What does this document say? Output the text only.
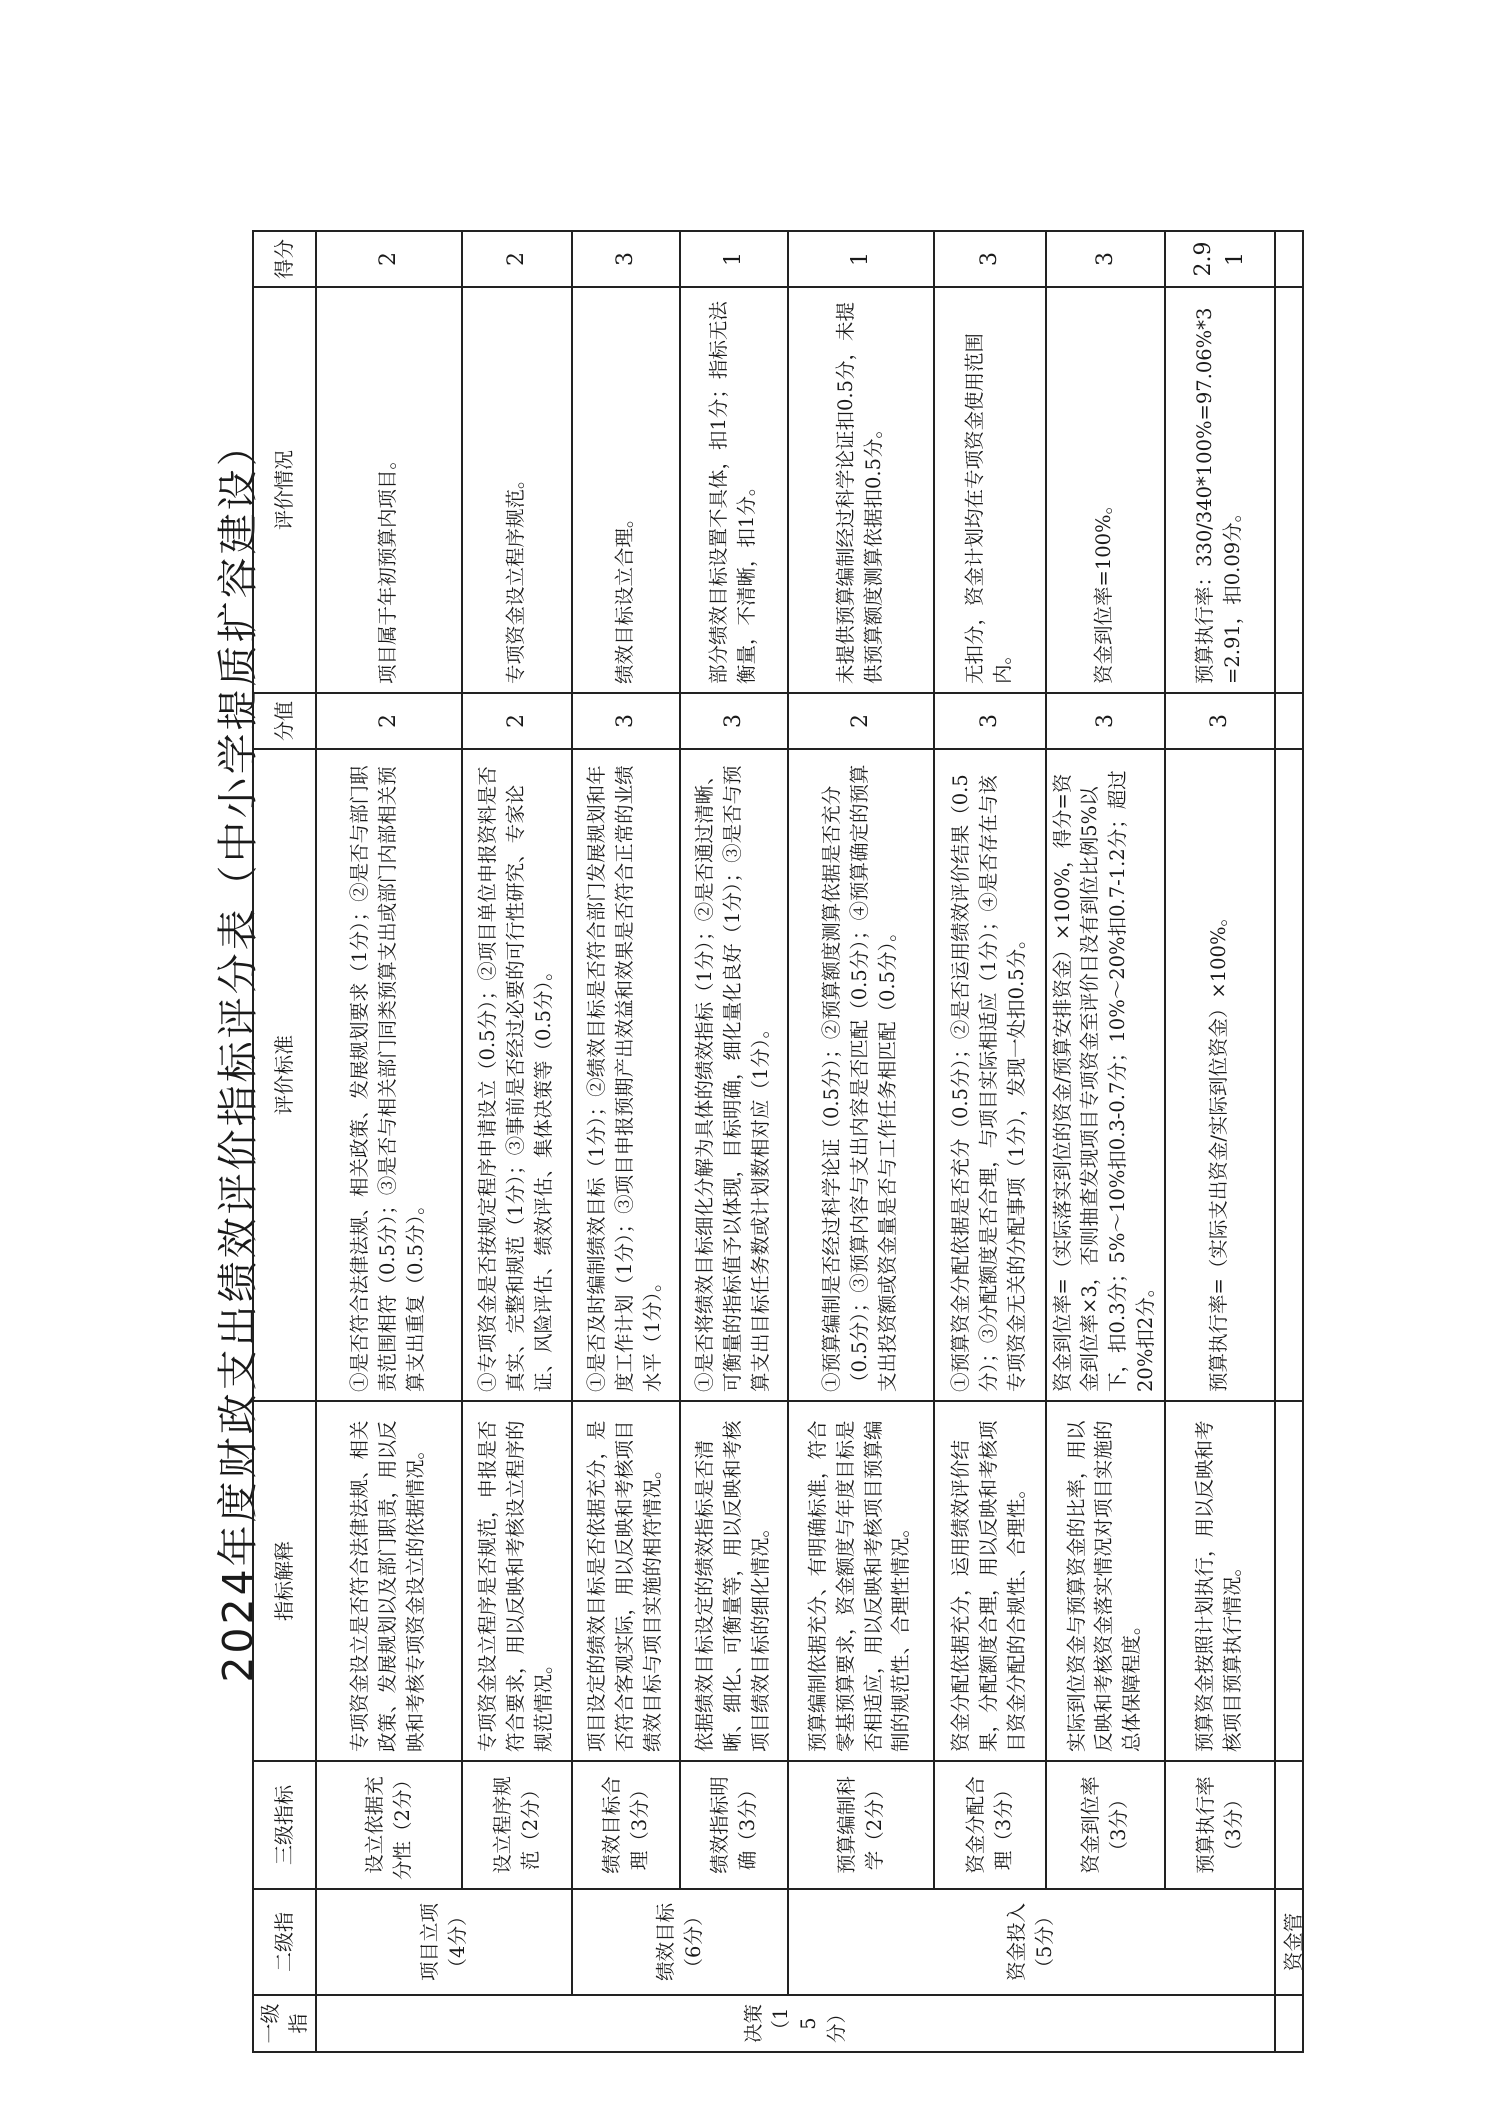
2024年度财政支出绩效评价指标评分表（中小学提质扩容建设）
一级指	二级指	三级指标	指标解释	评价标准	分值	评价情况	得分
决策（15分）	项目立项（4分）	设立依据充分性（2分）	专项资金设立是否符合法律法规、相关政策、发展规划以及部门职责，用以反映和考核专项资金设立的依据情况。	①是否符合法律法规、相关政策、发展规划要求（1分）；②是否与部门职责范围相符（0.5分）；③是否与相关部门同类预算支出或部门内部相关预算支出重复（0.5分）。	2	项目属于年初预算内项目。	2
		设立程序规范（2分）	专项资金设立程序是否规范，申报是否符合要求，用以反映和考核设立程序的规范情况。	①专项资金是否按规定程序申请设立（0.5分）；②项目单位申报资料是否真实、完整和规范（1分）；③事前是否经过必要的可行性研究、专家论证、风险评估、绩效评估、集体决策等（0.5分）。	2	专项资金设立程序规范。	2
	绩效目标（6分）	绩效目标合理（3分）	项目设定的绩效目标是否依据充分，是否符合客观实际，用以反映和考核项目绩效目标与项目实施的相符情况。	①是否及时编制绩效目标（1分）；②绩效目标是否符合部门发展规划和年度工作计划（1分）；③项目申报预期产出效益和效果是否符合正常的业绩水平（1分）。	3	绩效目标设立合理。	3
		绩效指标明确（3分）	依据绩效目标设定的绩效指标是否清晰、细化、可衡量等，用以反映和考核项目绩效目标的细化情况。	①是否将绩效目标细化分解为具体的绩效指标（1分）；②是否通过清晰、可衡量的指标值予以体现，目标明确，细化量化良好（1分）；③是否与预算支出目标任务数或计划数相对应（1分）。	3	部分绩效目标设置不具体，扣1分；指标无法衡量，不清晰，扣1分。	1
	资金投入（5分）	预算编制科学（2分）	预算编制依据充分、有明确标准，符合零基预算要求，资金额度与年度目标是否相适应，用以反映和考核项目预算编制的规范性、合理性情况。	①预算编制是否经过科学论证（0.5分）；②预算额度测算依据是否充分（0.5分）；③预算内容与支出内容是否匹配（0.5分）；④预算确定的预算支出投资额或资金量是否与工作任务相匹配（0.5分）。	2	未提供预算编制经过科学论证扣0.5分，未提供预算额度测算依据扣0.5分。	1
		资金分配合理（3分）	资金分配依据充分，运用绩效评价结果，分配额度合理，用以反映和考核项目资金分配的合规性、合理性。	①预算资金分配依据是否充分（0.5分）；②是否运用绩效评价结果（0.5分）；③分配额度是否合理，与项目实际相适应（1分）；④是否存在与该专项资金无关的分配事项（1分），发现一处扣0.5分。	3	无扣分，资金计划均在专项资金使用范围内。	3
		资金到位率（3分）	实际到位资金与预算资金的比率，用以反映和考核资金落实情况对项目实施的总体保障程度。	资金到位率=（实际落实到位的资金/预算安排资金）×100%，得分=资金到位率×3，否则抽查发现项目专项资金至评价日没有到位比例5%以下，扣0.3分；5%～10%扣0.3-0.7分；10%～20%扣0.7-1.2分；超过20%扣2分。	3	资金到位率=100%。	3
		预算执行率（3分）	预算资金按照计划执行，用以反映和考核项目预算执行情况。	预算执行率=（实际支出资金/实际到位资金）×100%。	3	预算执行率：330/340*100%=97.06%*3=2.91，扣0.09分。	2.91

	资金管						
